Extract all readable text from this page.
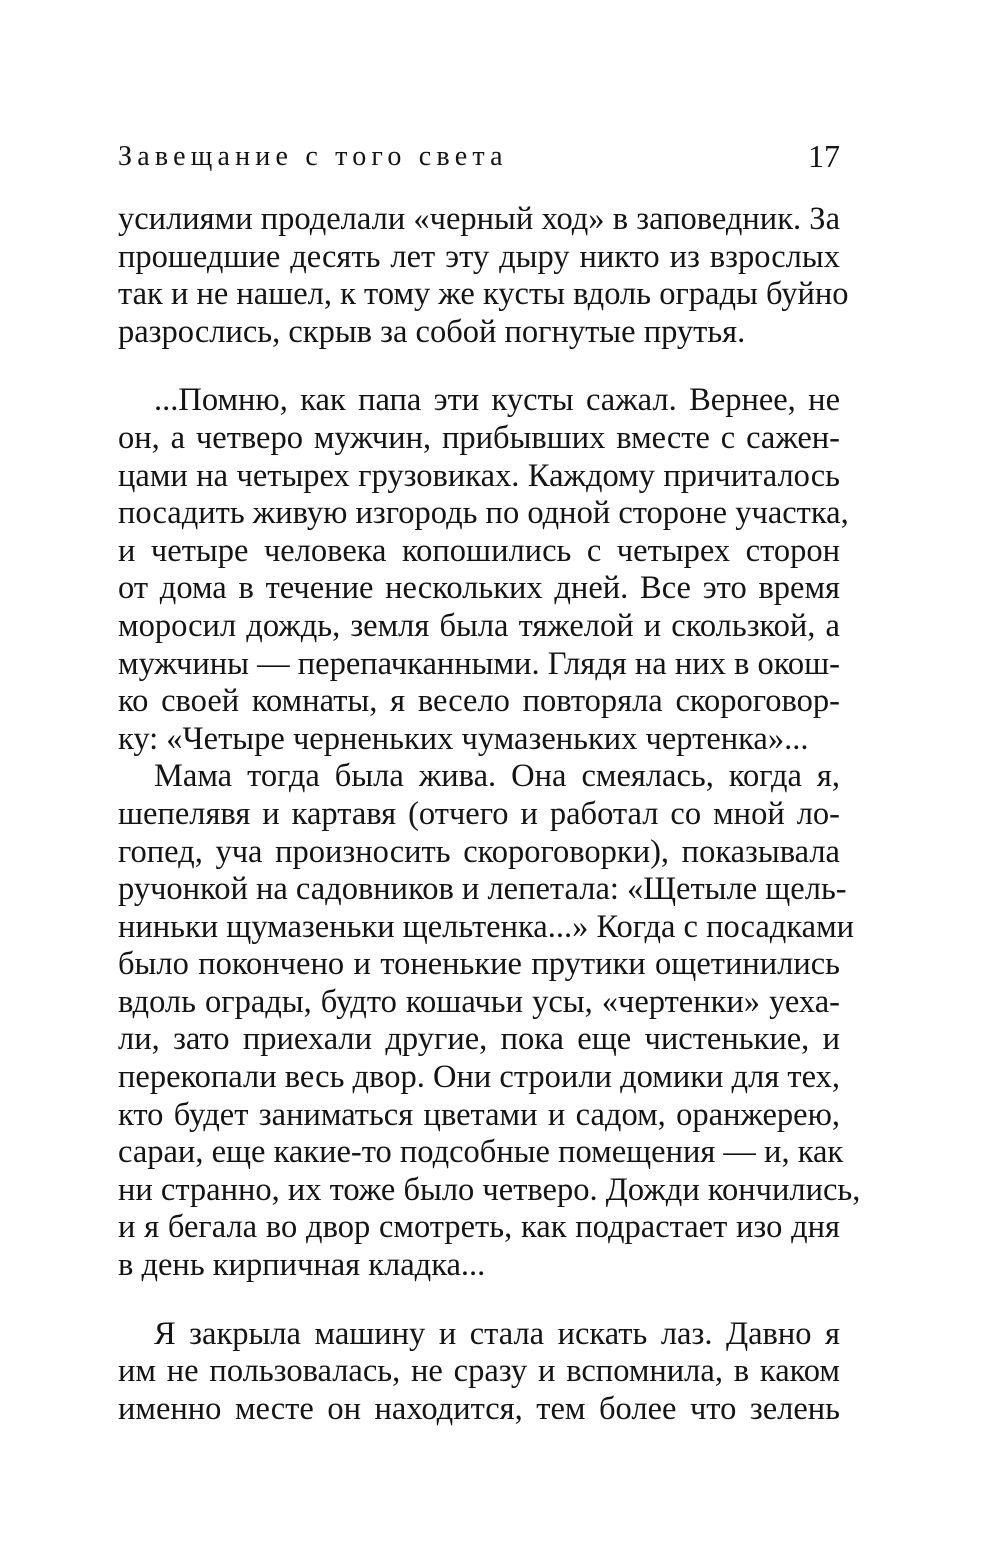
Завещание с того света	17
усилиями проделали «черный ход» в заповедник. За
прошедшие десять лет эту дыру никто из взрослых
так и не нашел, к тому же кусты вдоль ограды буйно
разрослись, скрыв за собой погнутые прутья.
...Помню, как папа эти кусты сажал. Вернее, не
он, а четверо мужчин, прибывших вместе с сажен-
цами на четырех грузовиках. Каждому причиталось
посадить живую изгородь по одной стороне участка,
и четыре человека копошились с четырех сторон
от дома в течение нескольких дней. Все это время
моросил дождь, земля была тяжелой и скользкой, а
мужчины — перепачканными. Глядя на них в окош-
ко своей комнаты, я весело повторяла скороговор-
ку: «Четыре черненьких чумазеньких чертенка»...
Мама тогда была жива. Она смеялась, когда я,
шепелявя и картавя (отчего и работал со мной ло-
гопед, уча произносить скороговорки), показывала
ручонкой на садовников и лепетала: «Щетыле щель-
ниньки щумазеньки щельтенка...» Когда с посадками
было покончено и тоненькие прутики ощетинились
вдоль ограды, будто кошачьи усы, «чертенки» уеха-
ли, зато приехали другие, пока еще чистенькие, и
перекопали весь двор. Они строили домики для тех,
кто будет заниматься цветами и садом, оранжерею,
сараи, еще какие-то подсобные помещения — и, как
ни странно, их тоже было четверо. Дожди кончились,
и я бегала во двор смотреть, как подрастает изо дня
в день кирпичная кладка...
Я закрыла машину и стала искать лаз. Давно я
им не пользовалась, не сразу и вспомнила, в каком
именно месте он находится, тем более что зелень
